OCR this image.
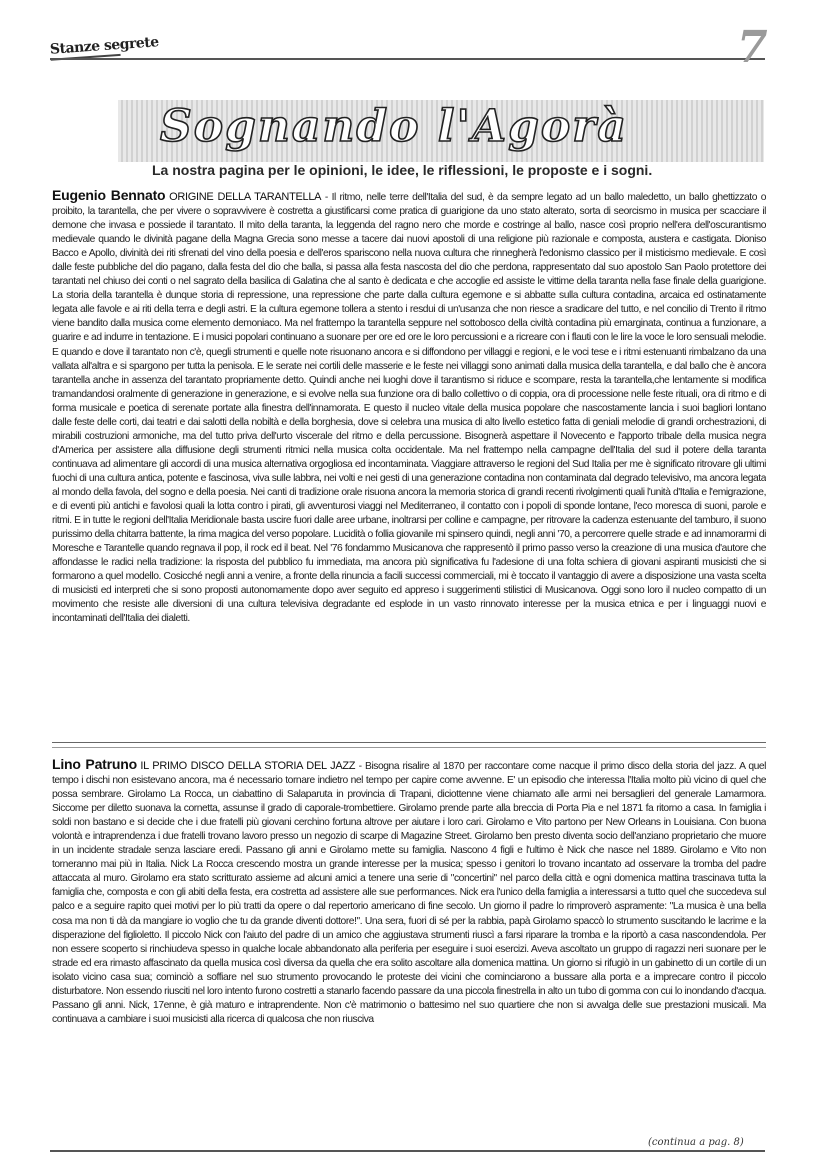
Stanze segrete	7
Sognando l'Agorà
La nostra pagina per le opinioni, le idee, le riflessioni, le proposte e i sogni.
Eugenio Bennato ORIGINE DELLA TARANTELLA - Il ritmo, nelle terre dell'Italia del sud, è da sempre legato ad un ballo maledetto, un ballo ghettizzato o proibito, la tarantella, che per vivere o sopravvivere è costretta a giustificarsi come pratica di guarigione da uno stato alterato, sorta di seorcismo in musica per scacciare il demone che invasa e possiede il tarantato. Il mito della taranta, la leggenda del ragno nero che morde e costringe al ballo, nasce così proprio nell'era dell'oscurantismo medievale quando le divinità pagane della Magna Grecia sono messe a tacere dai nuovi apostoli di una religione più razionale e composta, austera e castigata. Dioniso Bacco e Apollo, divinità dei riti sfrenati del vino della poesia e dell'eros spariscono nella nuova cultura che rinnegherà l'edonismo classico per il misticismo medievale. E così dalle feste pubbliche del dio pagano, dalla festa del dio che balla, si passa alla festa nascosta del dio che perdona, rappresentato dal suo apostolo San Paolo protettore dei tarantati nel chiuso dei conti o nel sagrato della basilica di Galatina che al santo è dedicata e che accoglie ed assiste le vittime della taranta nella fase finale della guarigione. La storia della tarantella è dunque storia di repressione, una repressione che parte dalla cultura egemone e si abbatte sulla cultura contadina, arcaica ed ostinatamente legata alle favole e ai riti della terra e degli astri. E la cultura egemone tollera a stento i resdui di un'usanza che non riesce a sradicare del tutto, e nel concilio di Trento il ritmo viene bandito dalla musica come elemento demoniaco. Ma nel frattempo la tarantella seppure nel sottobosco della civiltà contadina più emarginata, continua a funzionare, a guarire e ad indurre in tentazione. E i musici popolari continuano a suonare per ore ed ore le loro percussioni e a ricreare con i flauti con le lire la voce le loro sensuali melodie. E quando e dove il tarantato non c'è, quegli strumenti e quelle note risuonano ancora e si diffondono per villaggi e regioni, e le voci tese e i ritmi estenuanti rimbalzano da una vallata all'altra e si spargono per tutta la penisola. E le serate nei cortili delle masserie e le feste nei villaggi sono animati dalla musica della tarantella, e dal ballo che è ancora tarantella anche in assenza del tarantato propriamente detto. Quindi anche nei luoghi dove il tarantismo si riduce e scompare, resta la tarantella,che lentamente si modifica tramandandosi oralmente di generazione in generazione, e si evolve nella sua funzione ora di ballo collettivo o di coppia, ora di processione nelle feste rituali, ora di ritmo e di forma musicale e poetica di serenate portate alla finestra dell'innamorata. E questo il nucleo vitale della musica popolare che nascostamente lancia i suoi bagliori lontano dalle feste delle corti, dai teatri e dai salotti della nobiltà e della borghesia, dove si celebra una musica di alto livello estetico fatta di geniali melodie di grandi orchestrazioni, di mirabili costruzioni armoniche, ma del tutto priva dell'urto viscerale del ritmo e della percussione. Bisognerà aspettare il Novecento e l'apporto tribale della musica negra d'America per assistere alla diffusione degli strumenti ritmici nella musica colta occidentale. Ma nel frattempo nella campagne dell'Italia del sud il potere della taranta continuava ad alimentare gli accordi di una musica alternativa orgogliosa ed incontaminata. Viaggiare attraverso le regioni del Sud Italia per me è significato ritrovare gli ultimi fuochi di una cultura antica, potente e fascinosa, viva sulle labbra, nei volti e nei gesti di una generazione contadina non contaminata dal degrado televisivo, ma ancora legata al mondo della favola, del sogno e della poesia. Nei canti di tradizione orale risuona ancora la memoria storica di grandi recenti rivolgimenti quali l'unità d'Italia e l'emigrazione, e di eventi più antichi e favolosi quali la lotta contro i pirati, gli avventurosi viaggi nel Mediterraneo, il contatto con i popoli di sponde lontane, l'eco moresca di suoni, parole e ritmi. E in tutte le regioni dell'Italia Meridionale basta uscire fuori dalle aree urbane, inoltrarsi per colline e campagne, per ritrovare la cadenza estenuante del tamburo, il suono purissimo della chitarra battente, la rima magica del verso popolare. Lucidità o follia giovanile mi spinsero quindi, negli anni '70, a percorrere quelle strade e ad innamorarmi di Moresche e Tarantelle quando regnava il pop, il rock ed il beat. Nel '76 fondammo Musicanova che rappresentò il primo passo verso la creazione di una musica d'autore che affondasse le radici nella tradizione: la risposta del pubblico fu immediata, ma ancora più significativa fu l'adesione di una folta schiera di giovani aspiranti musicisti che si formarono a quel modello. Cosicché negli anni a venire, a fronte della rinuncia a facili successi commerciali, mi è toccato il vantaggio di avere a disposizione una vasta scelta di musicisti ed interpreti che si sono proposti autonomamente dopo aver seguito ed appreso i suggerimenti stilistici di Musicanova. Oggi sono loro il nucleo compatto di un movimento che resiste alle diversioni di una cultura televisiva degradante ed esplode in un vasto rinnovato interesse per la musica etnica e per i linguaggi nuovi e incontaminati dell'Italia dei dialetti.
Lino Patruno IL PRIMO DISCO DELLA STORIA DEL JAZZ - Bisogna risalire al 1870 per raccontare come nacque il primo disco della storia del jazz. A quel tempo i dischi non esistevano ancora, ma é necessario tornare indietro nel tempo per capire come avvenne. E' un episodio che interessa l'Italia molto più vicino di quel che possa sembrare. Girolamo La Rocca, un ciabattino di Salaparuta in provincia di Trapani, diciottenne viene chiamato alle armi nei bersaglieri del generale Lamarmora. Siccome per diletto suonava la cornetta, assunse il grado di caporale-trombettiere. Girolamo prende parte alla breccia di Porta Pia e nel 1871 fa ritorno a casa. In famiglia i soldi non bastano e si decide che i due fratelli più giovani cerchino fortuna altrove per aiutare i loro cari. Girolamo e Vito partono per New Orleans in Louisiana. Con buona volontà e intraprendenza i due fratelli trovano lavoro presso un negozio di scarpe di Magazine Street. Girolamo ben presto diventa socio dell'anziano proprietario che muore in un incidente stradale senza lasciare eredi. Passano gli anni e Girolamo mette su famiglia. Nascono 4 figli e l'ultimo è Nick che nasce nel 1889. Girolamo e Vito non torneranno mai più in Italia. Nick La Rocca crescendo mostra un grande interesse per la musica; spesso i genitori lo trovano incantato ad osservare la tromba del padre attaccata al muro. Girolamo era stato scritturato assieme ad alcuni amici a tenere una serie di "concertini" nel parco della città e ogni domenica mattina trascinava tutta la famiglia che, composta e con gli abiti della festa, era costretta ad assistere alle sue performances. Nick era l'unico della famiglia a interessarsi a tutto quel che succedeva sul palco e a seguire rapito quei motivi per lo più tratti da opere o dal repertorio americano di fine secolo. Un giorno il padre lo rimproverò aspramente: "La musica è una bella cosa ma non ti dà da mangiare io voglio che tu da grande diventi dottore!". Una sera, fuori di sé per la rabbia, papà Girolamo spaccò lo strumento suscitando le lacrime e la disperazione del figlioletto. Il piccolo Nick con l'aiuto del padre di un amico che aggiustava strumenti riuscì a farsi riparare la tromba e la riportò a casa nascondendola. Per non essere scoperto si rinchiudeva spesso in qualche locale abbandonato alla periferia per eseguire i suoi esercizi. Aveva ascoltato un gruppo di ragazzi neri suonare per le strade ed era rimasto affascinato da quella musica così diversa da quella che era solito ascoltare alla domenica mattina. Un giorno si rifugiò in un gabinetto di un cortile di un isolato vicino casa sua; cominciò a soffiare nel suo strumento provocando le proteste dei vicini che cominciarono a bussare alla porta e a imprecare contro il piccolo disturbatore. Non essendo riusciti nel loro intento furono costretti a stanarlo facendo passare da una piccola finestrella in alto un tubo di gomma con cui lo inondando d'acqua. Passano gli anni. Nick, 17enne, è già maturo e intraprendente. Non c'è matrimonio o battesimo nel suo quartiere che non si avvalga delle sue prestazioni musicali. Ma continuava a cambiare i suoi musicisti alla ricerca di qualcosa che non riusciva
(continua a pag. 8)
